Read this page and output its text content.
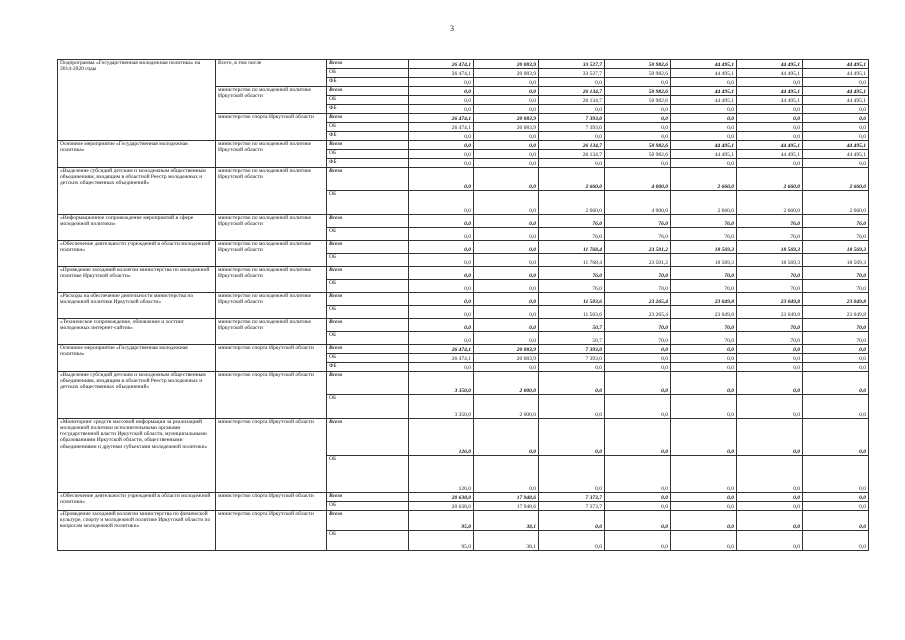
3
Подпрограмма «Государственная молодежная политика» на 2014-2020 годы	Всего, в том числе	Всего	26 474,1	20 083,9	33 527,7	50 982,6	44 495,1	44 495,1	44 495,1
		ОБ	26 474,1	20 083,9	33 527,7	50 982,6	44 495,1	44 495,1	44 495,1
		ФБ	0,0	0,0	0,0	0,0	0,0	0,0	0,0
	министерство по молодежной политике Иркутской области	Всего	0,0	0,0	26 134,7	50 982,6	44 495,1	44 495,1	44 495,1
		ОБ	0,0	0,0	26 134,7	50 982,6	44 495,1	44 495,1	44 495,1
		ФБ	0,0	0,0	0,0	0,0	0,0	0,0	0,0
	министерство спорта Иркутской области	Всего	26 474,1	20 083,9	7 393,0	0,0	0,0	0,0	0,0
		ОБ	26 474,1	20 083,9	7 393,0	0,0	0,0	0,0	0,0
		ФБ	0,0	0,0	0,0	0,0	0,0	0,0	0,0
Основное мероприятие «Государственная молодежная политика»	министерство по молодежной политике Иркутской области	Всего	0,0	0,0	26 134,7	50 982,6	44 495,1	44 495,1	44 495,1
		ОБ	0,0	0,0	26 134,7	50 982,6	44 495,1	44 495,1	44 495,1
		ФБ	0,0	0,0	0,0	0,0	0,0	0,0	0,0
«Выделение субсидий детским и молодежным общественным объединениям, входящим в областной Реестр молодежных и детских общественных объединений»	министерство по молодежной политике Иркутской области	Всего	0,0	0,0	2 660,0	4 000,0	2 660,0	2 660,0	2 660,0
		ОБ	0,0	0,0	2 660,0	4 000,0	2 660,0	2 660,0	2 660,0
«Информационное сопровождение мероприятий в сфере молодежной политики»	министерство по молодежной политике Иркутской области	Всего	0,0	0,0	76,0	76,0	76,0	76,0	76,0
		ОБ	0,0	0,0	76,0	76,0	76,0	76,0	76,0
«Обеспечение деятельности учреждений в области молодежной политики»	министерство по молодежной политике Иркутской области	Всего	0,0	0,0	11 768,4	23 501,2	18 569,3	18 569,3	18 569,3
		ОБ	0,0	0,0	11 768,4	23 501,2	18 569,3	18 569,3	18 569,3
«Проведение заседаний коллегии министерства по молодежной политике Иркутской области»	министерство по молодежной политике Иркутской области	Всего	0,0	0,0	76,0	70,0	70,0	70,0	70,0
		ОБ	0,0	0,0	76,0	70,0	70,0	70,0	70,0
«Расходы на обеспечение деятельности министерства по молодежной политике Иркутской области»	министерство по молодежной политике Иркутской области	Всего	0,0	0,0	11 503,6	23 265,4	23 049,8	23 049,8	23 049,8
		ОБ	0,0	0,0	11 503,6	23 265,4	23 049,8	23 049,8	23 049,8
«Техническое сопровождение, обновление и хостинг молодежных интернет-сайтов»	министерство по молодежной политике Иркутской области	Всего	0,0	0,0	50,7	70,0	70,0	70,0	70,0
		ОБ	0,0	0,0	50,7	70,0	70,0	70,0	70,0
Основное мероприятие «Государственная молодежная политика»	министерство спорта Иркутской области	Всего	26 474,1	20 083,9	7 393,0	0,0	0,0	0,0	0,0
		ОБ	26 474,1	20 083,9	7 393,0	0,0	0,0	0,0	0,0
		ФБ	0,0	0,0	0,0	0,0	0,0	0,0	0,0
«Выделение субсидий детским и молодежным общественным объединениям, входящим в областной Реестр молодежных и детских общественных объединений»	министерство спорта Иркутской области	Всего	3 350,0	2 000,0	0,0	0,0	0,0	0,0	0,0
		ОБ	3 350,0	2 000,0	0,0	0,0	0,0	0,0	0,0
«Мониторинг средств массовой информации за реализацией молодежной политики исполнительными органами государственной власти Иркутской области, муниципальными образованиями Иркутской области, общественными объединениями и другими субъектами молодежной политики»	министерство спорта Иркутской области	Всего	126,0	0,0	0,0	0,0	0,0	0,0	0,0
		ОБ	126,0	0,0	0,0	0,0	0,0	0,0	0,0
«Обеспечение деятельности учреждений в области молодежной политики»	министерство спорта Иркутской области	Всего	20 638,0	17 948,6	7 373,7	0,0	0,0	0,0	0,0
		ОБ	20 638,0	17 948,6	7 373,7	0,0	0,0	0,0	0,0
«Проведение заседаний коллегии министерства по физической культуре, спорту и молодежной политике Иркутской области по вопросам молодежной политики»	министерство спорта Иркутской области	Всего	95,0	38,1	0,0	0,0	0,0	0,0	0,0
		ОБ	95,0	38,1	0,0	0,0	0,0	0,0	0,0
